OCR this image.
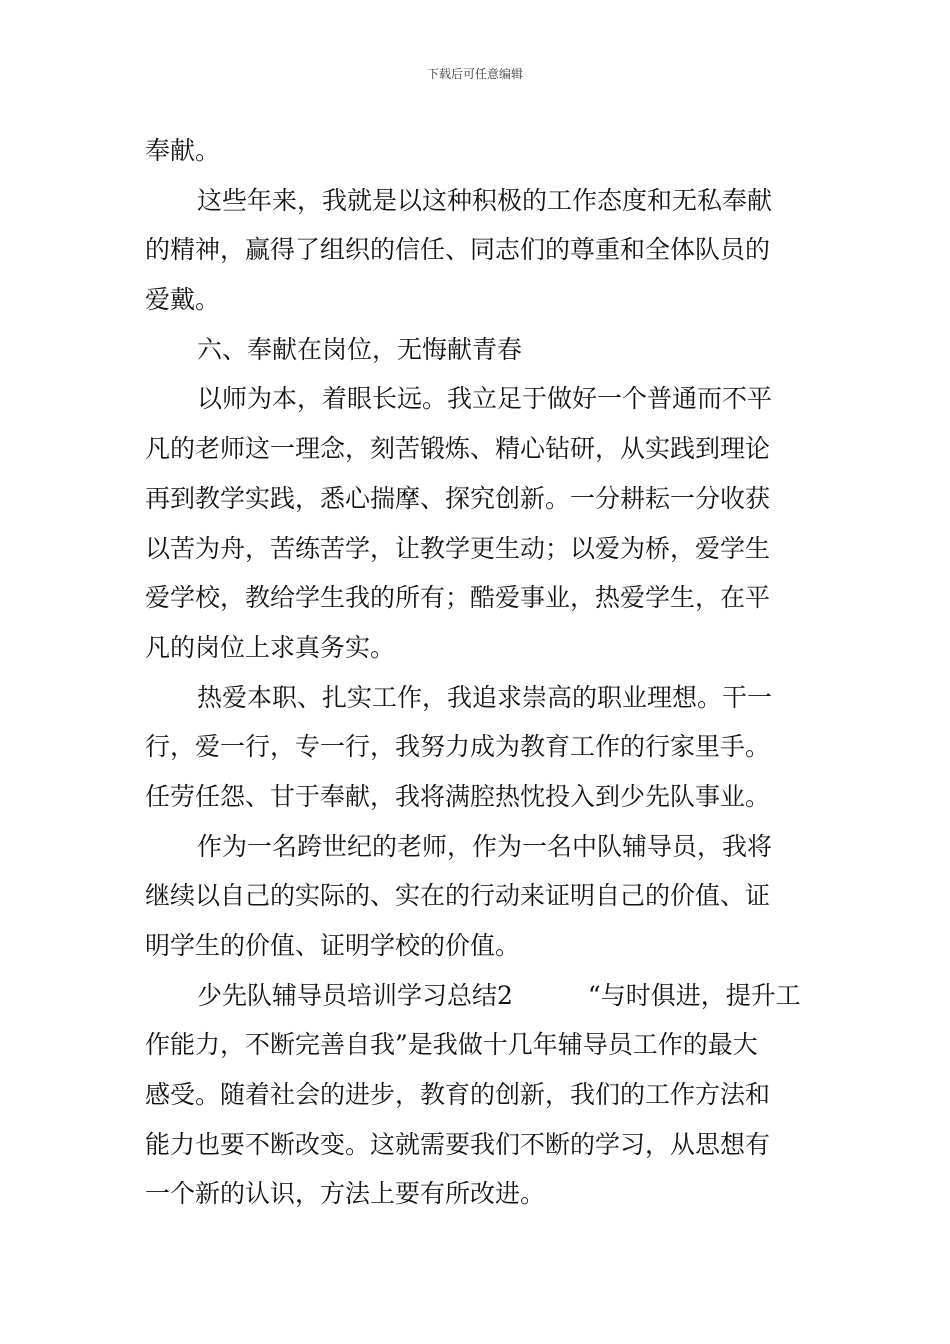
下载后可任意编辑
奉献。
这些年来，我就是以这种积极的工作态度和无私奉献
的精神，赢得了组织的信任、同志们的尊重和全体队员的
爱戴。
六、奉献在岗位，无悔献青春
以师为本，着眼长远。我立足于做好一个普通而不平
凡的老师这一理念，刻苦锻炼、精心钻研，从实践到理论
再到教学实践，悉心揣摩、探究创新。一分耕耘一分收获
以苦为舟，苦练苦学，让教学更生动；以爱为桥，爱学生
爱学校，教给学生我的所有；酷爱事业，热爱学生，在平
凡的岗位上求真务实。
热爱本职、扎实工作，我追求崇高的职业理想。干一
行，爱一行，专一行，我努力成为教育工作的行家里手。
任劳任怨、甘于奉献，我将满腔热忱投入到少先队事业。
作为一名跨世纪的老师，作为一名中队辅导员，我将
继续以自己的实际的、实在的行动来证明自己的价值、证
明学生的价值、证明学校的价值。
少先队辅导员培训学习总结2　　　“与时俱进，提升工
作能力，不断完善自我”是我做十几年辅导员工作的最大
感受。随着社会的进步，教育的创新，我们的工作方法和
能力也要不断改变。这就需要我们不断的学习，从思想有
一个新的认识，方法上要有所改进。
